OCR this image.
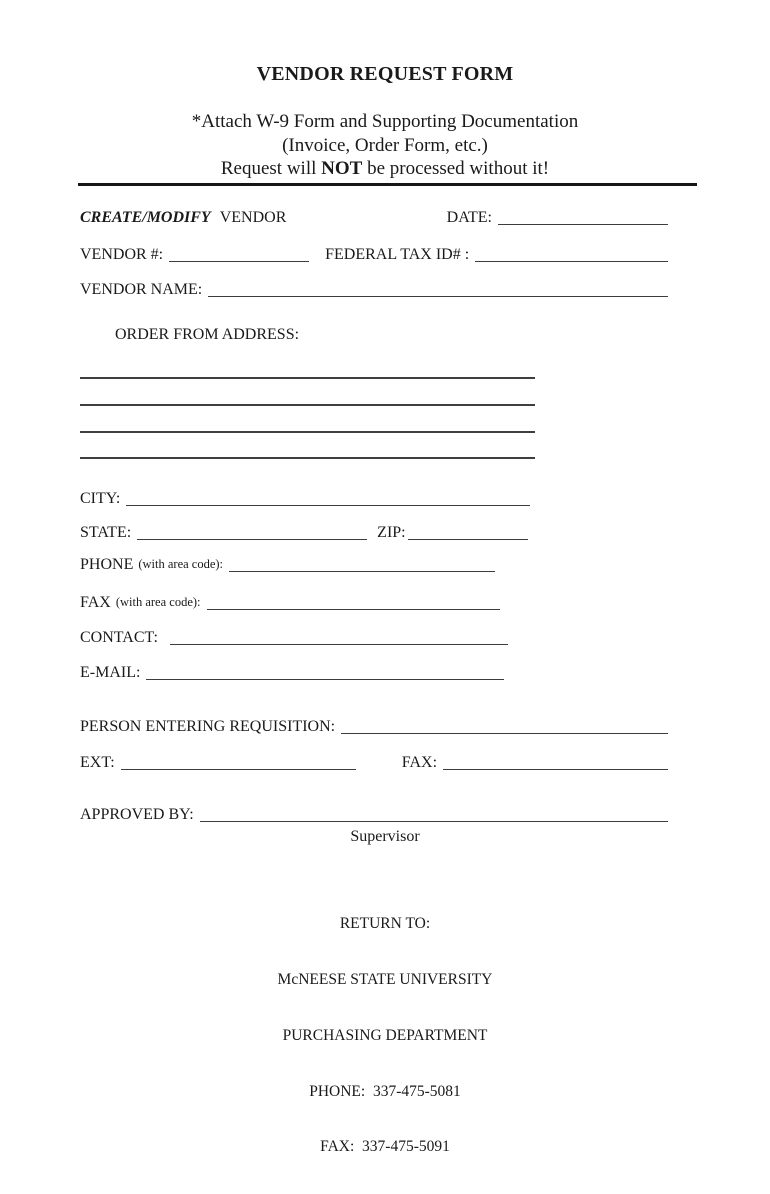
VENDOR REQUEST FORM
*Attach W-9 Form and Supporting Documentation
(Invoice, Order Form, etc.)
Request will NOT be processed without it!
CREATE/MODIFY VENDOR	DATE:
VENDOR #:	FEDERAL TAX ID# :
VENDOR NAME:
ORDER FROM ADDRESS:
CITY:
STATE:	ZIP:
PHONE (with area code):
FAX (with area code):
CONTACT:
E-MAIL:
PERSON ENTERING REQUISITION:
EXT:	FAX:
APPROVED BY:
Supervisor

RETURN TO:

McNEESE STATE UNIVERSITY

PURCHASING DEPARTMENT

PHONE:  337-475-5081

FAX:  337-475-5091
